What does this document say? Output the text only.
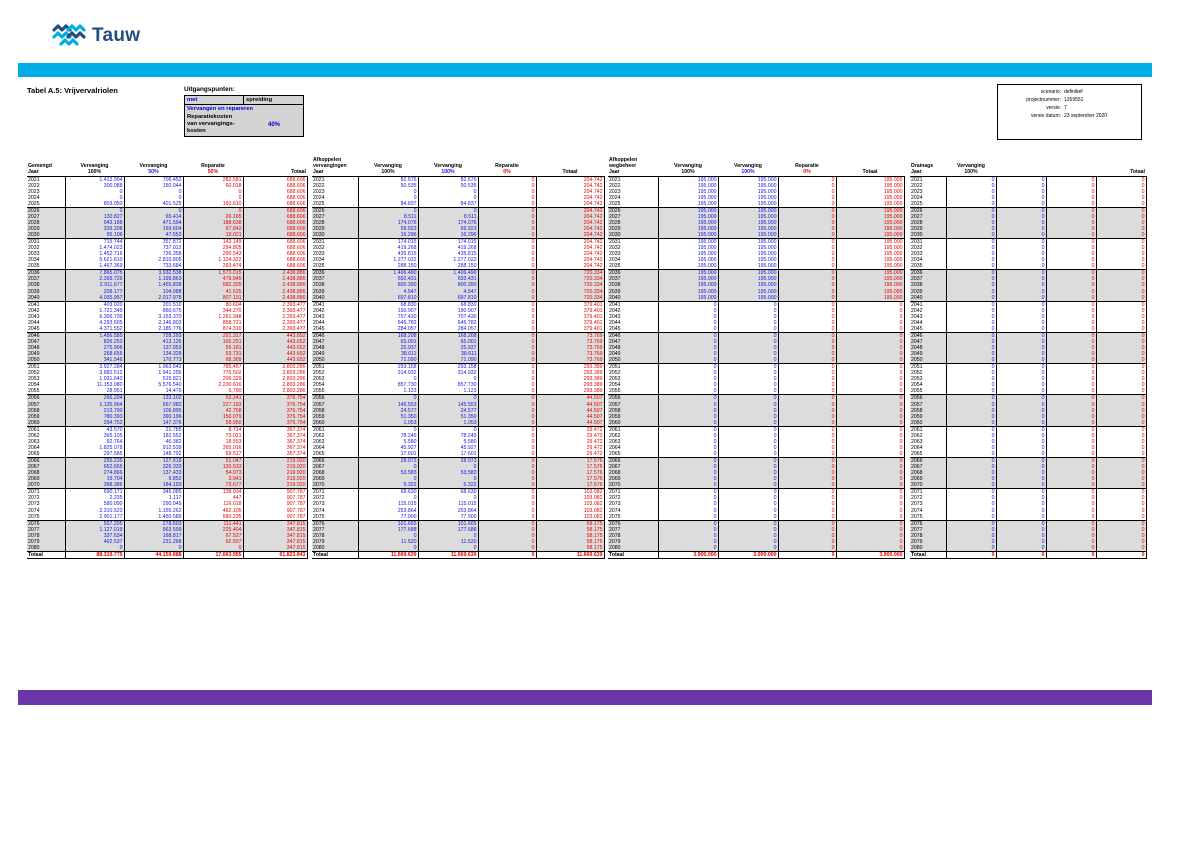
Tauw
Tabel A.5: Vrijvervalriolen	Uitgangspunten:
met	spreiding
Vervangen en repareren
Reparatiekosten van vervangings-kosten
40%
scenario: definitief
projectnummer: 1269551
versie: 7
versie datum: 23 september 2020
Gemengd
Jaar	Vervanging
100%	Vervanging
50%	Reparatie
50%	Totaal
2021	1.412.904	706.452	282.581	688.606
2022	300.088	150.044	60.018	688.606
2023	0	0	0	688.606
2024	0	0	0	688.606
2025	803.050	401.525	160.610	688.606
2026	0	0	0	688.606
2027	130.827	65.414	26.165	688.606
2028	943.188	471.594	188.638	688.606
2029	339.208	169.604	67.842	688.606
2030	95.106	47.553	19.021	688.606
2031	715.744	357.872	143.149	688.606
2032	1.474.023	737.012	294.805	688.606
2033	1.452.716	726.358	290.543	688.606
2034	5.621.610	2.810.805	1.124.322	688.606
2035	1.467.369	733.684	293.474	688.606
2036	7.865.075	3.932.538	1.573.015	2.438.886
2037	2.399.726	1.199.863	479.945	2.438.886
2038	2.911.677	1.455.838	582.335	2.438.886
2039	208.177	104.088	41.635	2.438.886
2040	4.035.957	2.017.978	807.191	2.438.886
2041	403.020	201.510	80.604	2.393.477
2042	1.721.349	860.675	344.270	2.393.477
2043	6.306.739	3.153.370	1.261.348	2.393.477
2044	4.293.605	2.146.803	858.721	2.393.477
2045	4.371.552	2.185.776	874.310	2.393.477
2046	1.456.585	728.293	291.317	443.652
2047	826.253	413.126	165.251	443.652
2048	275.906	137.953	55.181	443.652
2049	268.655	134.328	53.731	443.652
2050	341.546	170.773	68.309	443.652
2051	3.927.284	1.963.642	785.457	2.803.286
2052	3.882.512	1.941.256	776.502	2.803.286
2053	1.031.643	515.821	206.329	2.803.286
2054	11.153.080	5.576.540	2.230.616	2.803.286
2055	28.951	14.476	5.790	2.803.286
2056	266.204	133.102	53.241	376.754
2057	1.135.964	567.982	227.193	376.754
2058	213.790	106.895	42.758	376.754
2059	780.393	390.196	156.079	376.754
2060	294.752	147.376	58.950	376.754
2061	43.570	21.785	8.714	367.374
2062	365.105	182.552	73.021	367.374
2063	92.764	46.382	18.553	367.374
2064	1.825.078	912.539	365.016	367.374
2065	297.585	148.792	59.517	367.374
2066	255.235	127.618	51.047	219.920
2067	652.665	326.333	130.533	219.920
2068	274.866	137.433	54.973	219.920
2069	19.704	9.852	3.941	219.920
2070	368.386	184.193	73.677	219.920
2071	690.171	345.085	138.034	907.787
2072	2.235	1.117	447	907.787
2073	580.090	290.045	116.018	907.787
2074	2.310.523	1.155.262	462.105	907.787
2075	2.901.177	1.450.589	580.235	907.787
2076	557.205	278.603	111.441	347.815
2077	1.127.019	563.509	225.404	347.815
2078	337.634	168.817	67.527	347.815
2079	462.537	231.268	92.507	347.815
2080	0	0	0	347.815
Totaal	88.319.775	44.159.888	17.663.955	61.823.843
Afkoppelen
vervangingen
Jaar	Vervanging
100%	Vervanging
100%	Reparatie
0%	Totaal
2021	82.676	82.676	0	204.742
2022	50.535	50.535	0	204.742
2023	0	0	0	204.742
2024	0	0	0	204.742
2025	84.837	84.837	0	204.742
2026	0	0	0	204.742
2027	8.511	8.511	0	204.742
2028	174.076	174.076	0	204.742
2029	59.923	59.923	0	204.742
2030	16.296	16.296	0	204.742
2031	174.015	174.015	0	204.742
2032	419.268	419.268	0	204.742
2033	435.815	435.815	0	204.742
2034	1.277.022	1.277.022	0	204.742
2035	288.150	288.150	0	204.742
2036	1.406.490	1.406.490	0	720.334
2037	692.431	692.431	0	720.334
2038	800.390	800.390	0	720.334
2039	4.547	4.547	0	720.334
2040	697.810	697.810	0	720.334
2041	68.830	68.830	0	379.401
2042	190.907	190.907	0	379.401
2043	707.430	707.430	0	379.401
2044	645.782	645.782	0	379.401
2045	284.057	284.057	0	379.401
2046	168.208	168.208	0	73.769
2047	65.001	65.001	0	73.769
2048	25.937	25.937	0	73.769
2049	38.611	38.611	0	73.769
2050	71.090	71.090	0	73.769
2051	293.158	293.158	0	293.389
2052	314.932	314.932	0	293.389
2053	0	0	0	293.389
2054	857.730	857.730	0	293.389
2055	1.123	1.123	0	293.389
2056	0	0	0	44.507
2057	145.553	145.553	0	44.507
2058	24.577	24.577	0	44.507
2059	51.350	51.350	0	44.507
2060	1.053	1.053	0	44.507
2061	0	0	0	29.472
2062	78.249	78.249	0	29.472
2063	5.580	5.580	0	29.472
2064	45.927	45.927	0	29.472
2065	17.601	17.601	0	29.472
2066	28.973	28.973	0	17.576
2067	0	0	0	17.576
2068	53.583	53.583	0	17.576
2069	0	0	0	17.576
2070	5.322	5.322	0	17.576
2071	68.630	68.630	0	103.082
2072	0	0	0	103.082
2073	115.015	115.015	0	103.082
2074	253.864	253.864	0	103.082
2075	77.900	77.900	0	103.082
2076	101.665	101.665	0	58.175
2077	177.688	177.688	0	58.175
2078	0	0	0	58.175
2079	11.520	11.520	0	58.175
2080	0	0	0	58.175
Totaal	11.669.639	11.669.639	0	11.669.639
Afkoppelen
wegbeheer
Jaar	Vervanging
100%	Vervanging
100%	Reparatie
0%	Totaal
2021	195.000	195.000	0	195.000
2022	195.000	195.000	0	195.000
2023	195.000	195.000	0	195.000
2024	195.000	195.000	0	195.000
2025	195.000	195.000	0	195.000
2026	195.000	195.000	0	195.000
2027	195.000	195.000	0	195.000
2028	195.000	195.000	0	195.000
2029	195.000	195.000	0	195.000
2030	195.000	195.000	0	195.000
2031	195.000	195.000	0	195.000
2032	195.000	195.000	0	195.000
2033	195.000	195.000	0	195.000
2034	195.000	195.000	0	195.000
2035	195.000	195.000	0	195.000
2036	195.000	195.000	0	195.000
2037	195.000	195.000	0	195.000
2038	195.000	195.000	0	195.000
2039	195.000	195.000	0	195.000
2040	195.000	195.000	0	195.000
2041	0	0	0	0
2042	0	0	0	0
2043	0	0	0	0
2044	0	0	0	0
2045	0	0	0	0
2046	0	0	0	0
2047	0	0	0	0
2048	0	0	0	0
2049	0	0	0	0
2050	0	0	0	0
2051	0	0	0	0
2052	0	0	0	0
2053	0	0	0	0
2054	0	0	0	0
2055	0	0	0	0
2056	0	0	0	0
2057	0	0	0	0
2058	0	0	0	0
2059	0	0	0	0
2060	0	0	0	0
2061	0	0	0	0
2062	0	0	0	0
2063	0	0	0	0
2064	0	0	0	0
2065	0	0	0	0
2066	0	0	0	0
2067	0	0	0	0
2068	0	0	0	0
2069	0	0	0	0
2070	0	0	0	0
2071	0	0	0	0
2072	0	0	0	0
2073	0	0	0	0
2074	0	0	0	0
2075	0	0	0	0
2076	0	0	0	0
2077	0	0	0	0
2078	0	0	0	0
2079	0	0	0	0
2080	0	0	0	0
Totaal	3.900.000	3.900.000	0	3.900.000
Drainage
Jaar	Vervanging
100%			Totaal
2021	0	0	0	0
2022	0	0	0	0
2023	0	0	0	0
2024	0	0	0	0
2025	0	0	0	0
2026	0	0	0	0
2027	0	0	0	0
2028	0	0	0	0
2029	0	0	0	0
2030	0	0	0	0
2031	0	0	0	0
2032	0	0	0	0
2033	0	0	0	0
2034	0	0	0	0
2035	0	0	0	0
2036	0	0	0	0
2037	0	0	0	0
2038	0	0	0	0
2039	0	0	0	0
2040	0	0	0	0
2041	0	0	0	0
2042	0	0	0	0
2043	0	0	0	0
2044	0	0	0	0
2045	0	0	0	0
2046	0	0	0	0
2047	0	0	0	0
2048	0	0	0	0
2049	0	0	0	0
2050	0	0	0	0
2051	0	0	0	0
2052	0	0	0	0
2053	0	0	0	0
2054	0	0	0	0
2055	0	0	0	0
2056	0	0	0	0
2057	0	0	0	0
2058	0	0	0	0
2059	0	0	0	0
2060	0	0	0	0
2061	0	0	0	0
2062	0	0	0	0
2063	0	0	0	0
2064	0	0	0	0
2065	0	0	0	0
2066	0	0	0	0
2067	0	0	0	0
2068	0	0	0	0
2069	0	0	0	0
2070	0	0	0	0
2071	0	0	0	0
2072	0	0	0	0
2073	0	0	0	0
2074	0	0	0	0
2075	0	0	0	0
2076	0	0	0	0
2077	0	0	0	0
2078	0	0	0	0
2079	0	0	0	0
2080	0	0	0	0
Totaal	0	0	0	0
